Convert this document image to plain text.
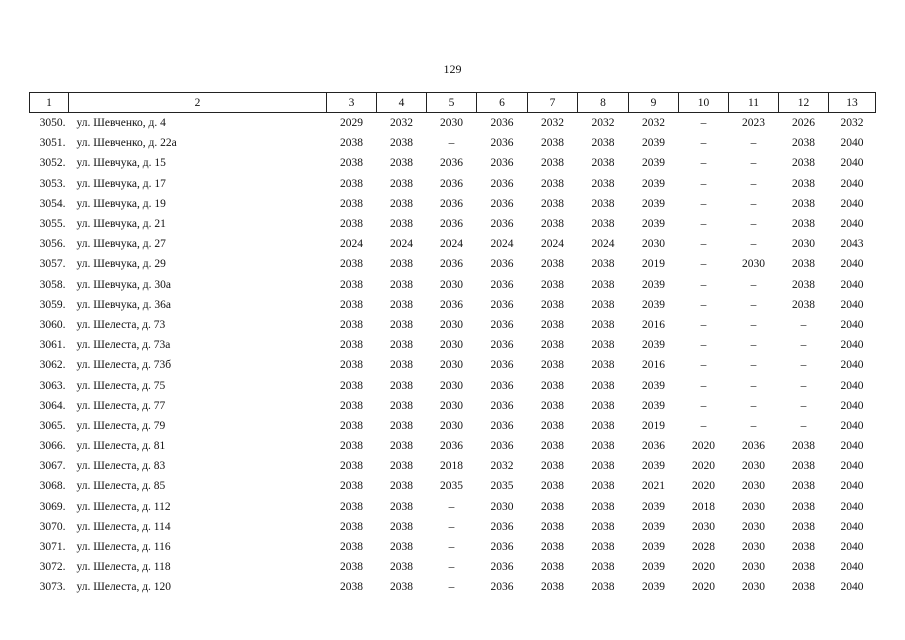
129
1	2	3	4	5	6	7	8	9	10	11	12	13
3050.	ул. Шевченко, д. 4	2029	2032	2030	2036	2032	2032	2032	–	2023	2026	2032
3051.	ул. Шевченко, д. 22а	2038	2038	–	2036	2038	2038	2039	–	–	2038	2040
3052.	ул. Шевчука, д. 15	2038	2038	2036	2036	2038	2038	2039	–	–	2038	2040
3053.	ул. Шевчука, д. 17	2038	2038	2036	2036	2038	2038	2039	–	–	2038	2040
3054.	ул. Шевчука, д. 19	2038	2038	2036	2036	2038	2038	2039	–	–	2038	2040
3055.	ул. Шевчука, д. 21	2038	2038	2036	2036	2038	2038	2039	–	–	2038	2040
3056.	ул. Шевчука, д. 27	2024	2024	2024	2024	2024	2024	2030	–	–	2030	2043
3057.	ул. Шевчука, д. 29	2038	2038	2036	2036	2038	2038	2019	–	2030	2038	2040
3058.	ул. Шевчука, д. 30а	2038	2038	2030	2036	2038	2038	2039	–	–	2038	2040
3059.	ул. Шевчука, д. 36а	2038	2038	2036	2036	2038	2038	2039	–	–	2038	2040
3060.	ул. Шелеста, д. 73	2038	2038	2030	2036	2038	2038	2016	–	–	–	2040
3061.	ул. Шелеста, д. 73а	2038	2038	2030	2036	2038	2038	2039	–	–	–	2040
3062.	ул. Шелеста, д. 73б	2038	2038	2030	2036	2038	2038	2016	–	–	–	2040
3063.	ул. Шелеста, д. 75	2038	2038	2030	2036	2038	2038	2039	–	–	–	2040
3064.	ул. Шелеста, д. 77	2038	2038	2030	2036	2038	2038	2039	–	–	–	2040
3065.	ул. Шелеста, д. 79	2038	2038	2030	2036	2038	2038	2019	–	–	–	2040
3066.	ул. Шелеста, д. 81	2038	2038	2036	2036	2038	2038	2036	2020	2036	2038	2040
3067.	ул. Шелеста, д. 83	2038	2038	2018	2032	2038	2038	2039	2020	2030	2038	2040
3068.	ул. Шелеста, д. 85	2038	2038	2035	2035	2038	2038	2021	2020	2030	2038	2040
3069.	ул. Шелеста, д. 112	2038	2038	–	2030	2038	2038	2039	2018	2030	2038	2040
3070.	ул. Шелеста, д. 114	2038	2038	–	2036	2038	2038	2039	2030	2030	2038	2040
3071.	ул. Шелеста, д. 116	2038	2038	–	2036	2038	2038	2039	2028	2030	2038	2040
3072.	ул. Шелеста, д. 118	2038	2038	–	2036	2038	2038	2039	2020	2030	2038	2040
3073.	ул. Шелеста, д. 120	2038	2038	–	2036	2038	2038	2039	2020	2030	2038	2040
